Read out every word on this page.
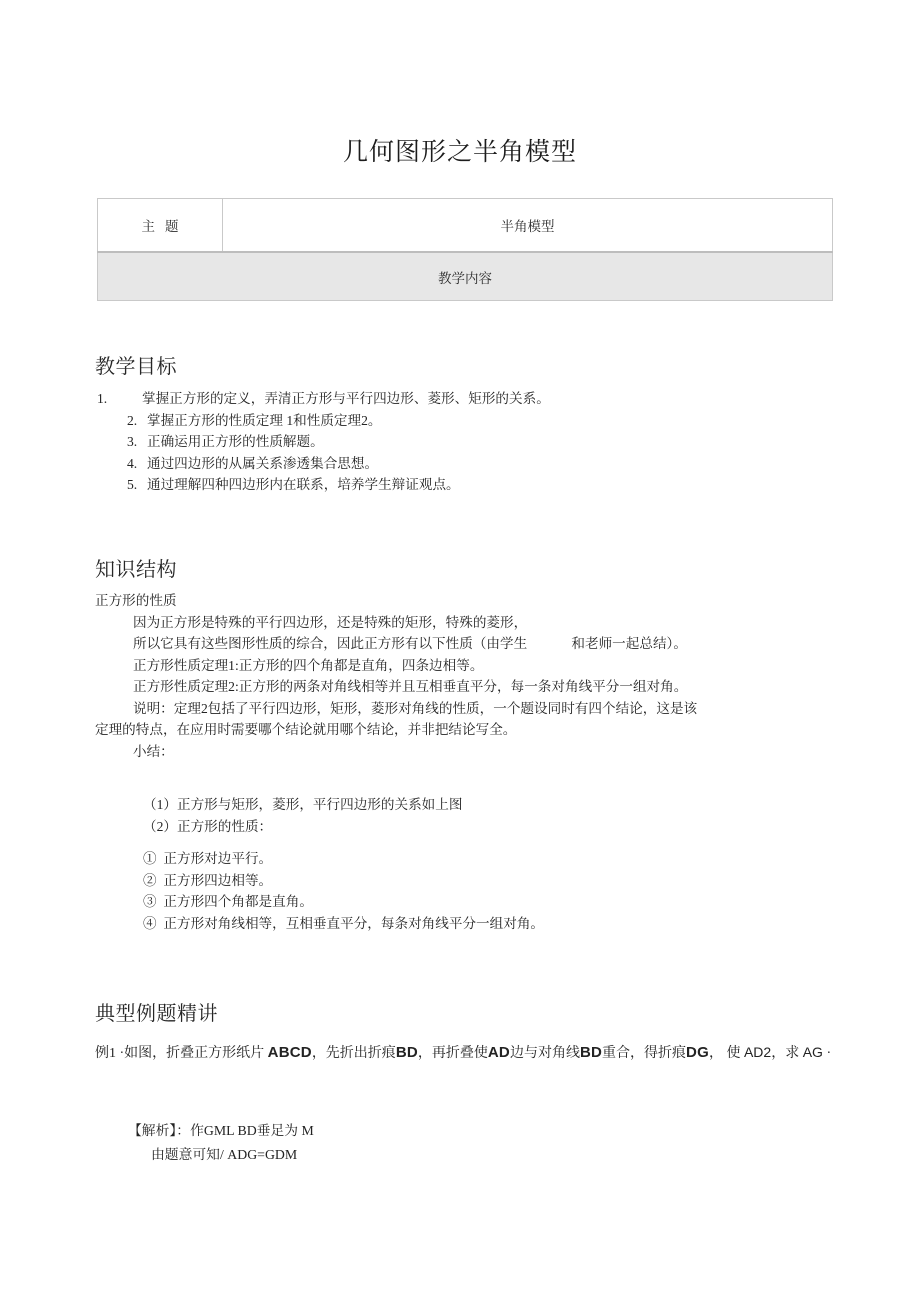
几何图形之半角模型
主题	半角模型
教学内容
教学目标
1.	掌握正方形的定义，弄清正方形与平行四边形、菱形、矩形的关系。
2. 掌握正方形的性质定理 1和性质定理2。
3. 正确运用正方形的性质解题。
4. 通过四边形的从属关系渗透集合思想。
5. 通过理解四种四边形内在联系，培养学生辩证观点。
知识结构
正方形的性质
因为正方形是特殊的平行四边形，还是特殊的矩形，特殊的菱形，
所以它具有这些图形性质的综合，因此正方形有以下性质（由学生             和老师一起总结）。
正方形性质定理1:正方形的四个角都是直角，四条边相等。
正方形性质定理2:正方形的两条对角线相等并且互相垂直平分，每一条对角线平分一组对角。
说明：定理2包括了平行四边形，矩形，菱形对角线的性质，一个题设同时有四个结论，这是该
定理的特点，在应用时需要哪个结论就用哪个结论，并非把结论写全。
小结：
（1）正方形与矩形，菱形，平行四边形的关系如上图
（2）正方形的性质：
①  正方形对边平行。
②  正方形四边相等。
③  正方形四个角都是直角。
④  正方形对角线相等，互相垂直平分，每条对角线平分一组对角。
典型例题精讲
例1 ·如图，折叠正方形纸片 ABCD，先折出折痕BD，再折叠使AD边与对角线BD重合，得折痕DG， 使 AD2，求 AG ·
【解析】：作GML BD垂足为 M
由题意可知/ ADG=GDM
